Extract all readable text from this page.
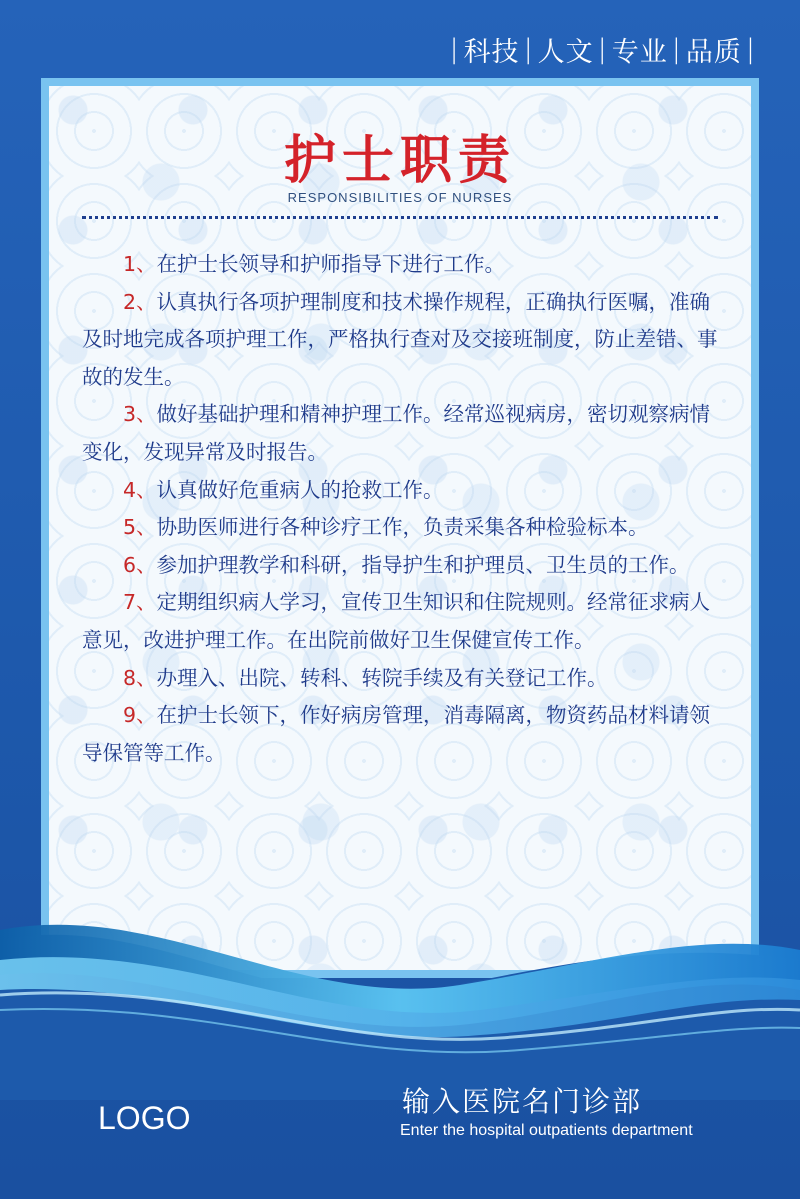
| 科技 | 人文 | 专业 | 品质 |
护士职责
RESPONSIBILITIES OF NURSES

1、在护士长领导和护师指导下进行工作。

2、认真执行各项护理制度和技术操作规程，正确执行医嘱，准确及时地完成各项护理工作，严格执行查对及交接班制度，防止差错、事故的发生。

3、做好基础护理和精神护理工作。经常巡视病房，密切观察病情变化，发现异常及时报告。

4、认真做好危重病人的抢救工作。

5、协助医师进行各种诊疗工作，负责采集各种检验标本。

6、参加护理教学和科研，指导护生和护理员、卫生员的工作。

7、定期组织病人学习，宣传卫生知识和住院规则。经常征求病人意见，改进护理工作。在出院前做好卫生保健宣传工作。

8、办理入、出院、转科、转院手续及有关登记工作。

9、在护士长领下，作好病房管理，消毒隔离，物资药品材料请领导保管等工作。

输入医院名门诊部
Enter the hospital outpatients department
LOGO
